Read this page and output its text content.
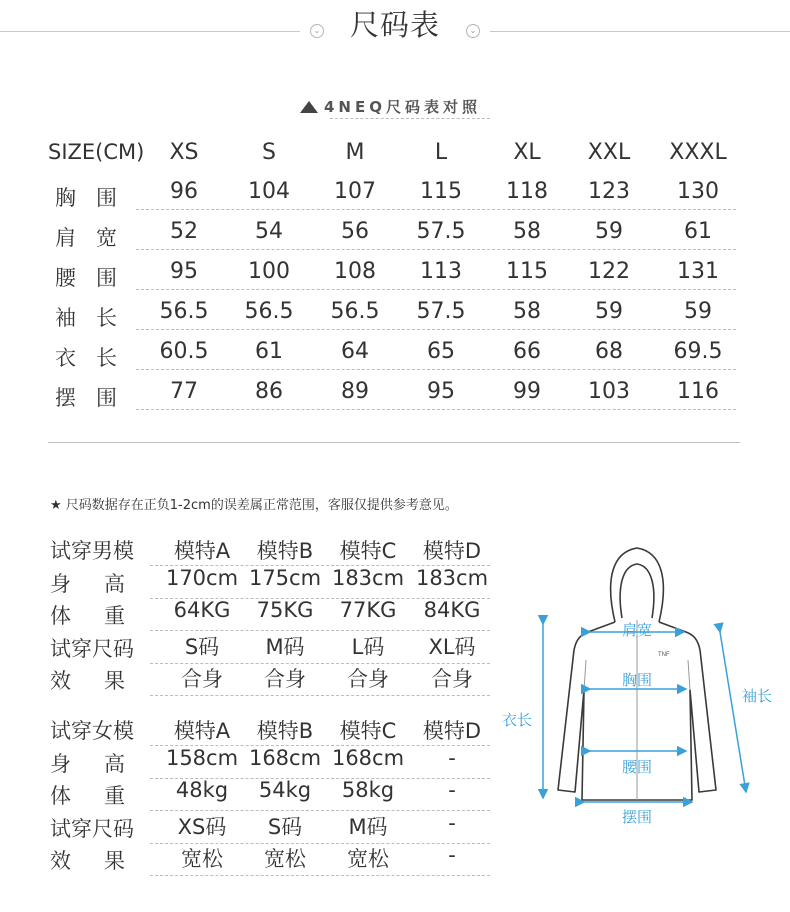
⌄	尺码表	⌄
4NEQ尺码表对照
SIZE(CM)	XS	S	M	L	XL	XXL	XXXL
胸围	96	104	107	115	118	123	130
肩宽	52	54	56	57.5	58	59	61
腰围	95	100	108	113	115	122	131
袖长	56.5	56.5	56.5	57.5	58	59	59
衣长	60.5	61	64	65	66	68	69.5
摆围	77	86	89	95	99	103	116
★ 尺码数据存在正负1-2cm的误差属正常范围，客服仅提供参考意见。
试穿男模	模特A	模特B	模特C	模特D
身高 170cm 175cm 183cm 183cm
体重 64KG	75KG	77KG	84KG
试穿尺码	S码	M码	L码	XL码
效果	合身	合身	合身	合身
试穿女模	模特A	模特B	模特C	模特D
身高 158cm 168cm 168cm	-
体重 48kg	54kg	58kg	-
试穿尺码	XS码	S码	M码	-
效果	宽松	宽松	宽松	-
TNF
肩宽
胸围
腰围
摆围
衣长
袖长
